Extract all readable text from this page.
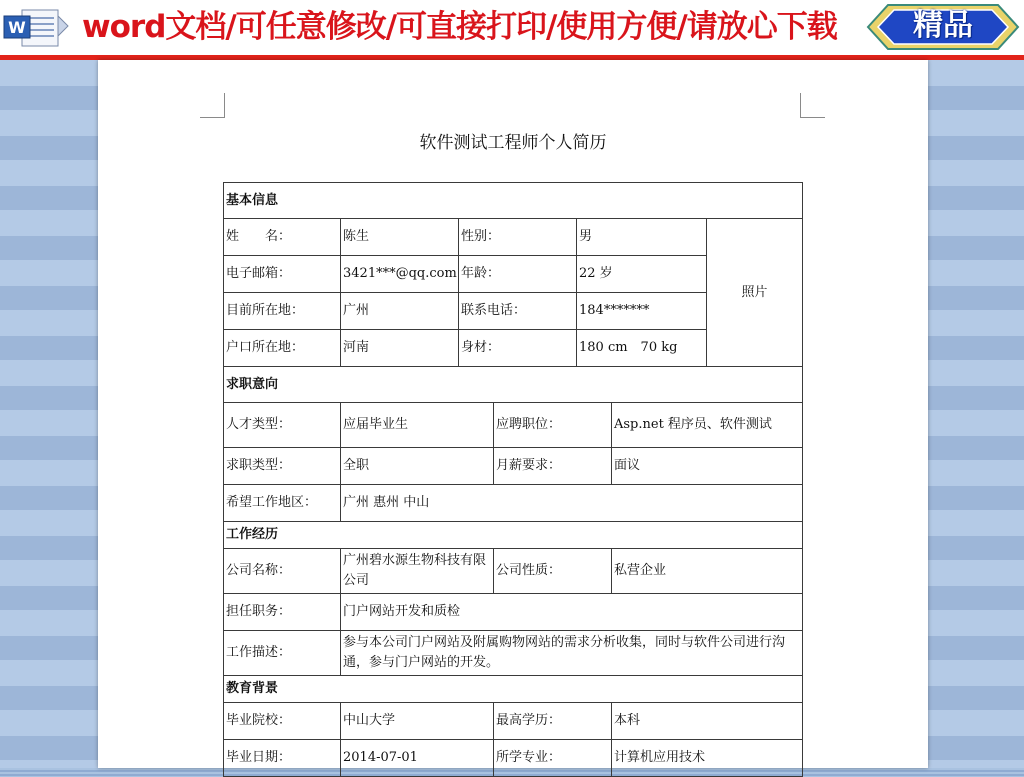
W word文档/可任意修改/可直接打印/使用方便/请放心下载	精品
软件测试工程师个人简历
基本信息						
姓　　名：	陈生	性别：		男		照片
电子邮箱：	3421***@qq.com	年龄：		22 岁		
目前所在地：	广州	联系电话：		184*******		
户口所在地：	河南	身材：		180 cm　70 kg		
求职意向						
人才类型：	应届毕业生		应聘职位：		Asp.net 程序员、软件测试	
求职类型：	全职		月薪要求：		面议	
希望工作地区：	广州 惠州 中山					
工作经历						
公司名称：	广州碧水源生物科技有限公司		公司性质：		私营企业	
担任职务：	门户网站开发和质检					
工作描述：	参与本公司门户网站及附属购物网站的需求分析收集，同时与软件公司进行沟通，参与门户网站的开发。					
教育背景						
毕业院校：	中山大学		最高学历：		本科	
毕业日期：	2014-07-01		所学专业：		计算机应用技术	
